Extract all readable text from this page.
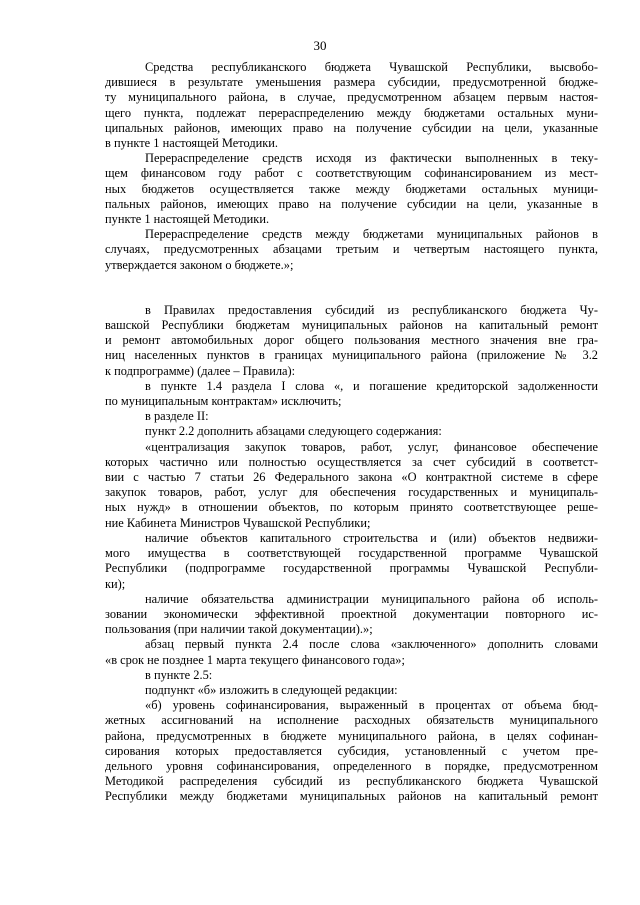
30
Средства республиканского бюджета Чувашской Республики, высвобо-
дившиеся в результате уменьшения размера субсидии, предусмотренной бюдже-
ту муниципального района, в случае, предусмотренном абзацем первым настоя-
щего пункта, подлежат перераспределению между бюджетами остальных муни-
ципальных районов, имеющих право на получение субсидии на цели, указанные
в пункте 1 настоящей Методики.
Перераспределение средств исходя из фактически выполненных в теку-
щем финансовом году работ с соответствующим софинансированием из мест-
ных бюджетов осуществляется также между бюджетами остальных муници-
пальных районов, имеющих право на получение субсидии на цели, указанные в
пункте 1 настоящей Методики.
Перераспределение средств между бюджетами муниципальных районов в
случаях, предусмотренных абзацами третьим и четвертым настоящего пункта,
утверждается законом о бюджете.»;
в Правилах предоставления субсидий из республиканского бюджета Чу-
вашской Республики бюджетам муниципальных районов на капитальный ремонт
и ремонт автомобильных дорог общего пользования местного значения вне гра-
ниц населенных пунктов в границах муниципального района (приложение № 3.2
к подпрограмме) (далее – Правила):
в пункте 1.4 раздела I слова «, и погашение кредиторской задолженности
по муниципальным контрактам» исключить;
в разделе II:
пункт 2.2 дополнить абзацами следующего содержания:
«централизация закупок товаров, работ, услуг, финансовое обеспечение
которых частично или полностью осуществляется за счет субсидий в соответст-
вии с частью 7 статьи 26 Федерального закона «О контрактной системе в сфере
закупок товаров, работ, услуг для обеспечения государственных и муниципаль-
ных нужд» в отношении объектов, по которым принято соответствующее реше-
ние Кабинета Министров Чувашской Республики;
наличие объектов капитального строительства и (или) объектов недвижи-
мого имущества в соответствующей государственной программе Чувашской
Республики (подпрограмме государственной программы Чувашской Республи-
ки);
наличие обязательства администрации муниципального района об исполь-
зовании экономически эффективной проектной документации повторного ис-
пользования (при наличии такой документации).»;
абзац первый пункта 2.4 после слова «заключенного» дополнить словами
«в срок не позднее 1 марта текущего финансового года»;
в пункте 2.5:
подпункт «б» изложить в следующей редакции:
«б) уровень софинансирования, выраженный в процентах от объема бюд-
жетных ассигнований на исполнение расходных обязательств муниципального
района, предусмотренных в бюджете муниципального района, в целях софинан-
сирования которых предоставляется субсидия, установленный с учетом пре-
дельного уровня софинансирования, определенного в порядке, предусмотренном
Методикой распределения субсидий из республиканского бюджета Чувашской
Республики между бюджетами муниципальных районов на капитальный ремонт
